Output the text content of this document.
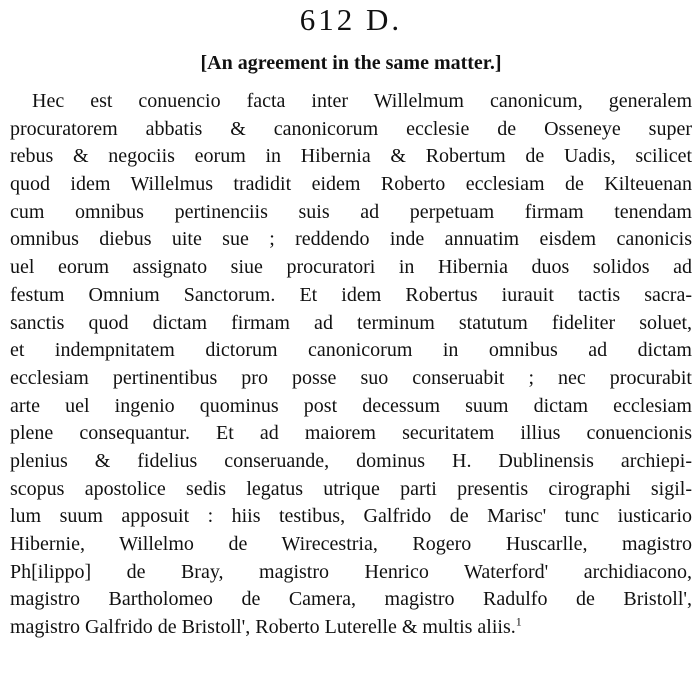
612 D.
[An agreement in the same matter.]
Hec est conuencio facta inter Willelmum canonicum, generalem
procuratorem abbatis & canonicorum ecclesie de Osseneye super
rebus & negociis eorum in Hibernia & Robertum de Uadis, scilicet
quod idem Willelmus tradidit eidem Roberto ecclesiam de Kilteuenan
cum omnibus pertinenciis suis ad perpetuam firmam tenendam
omnibus diebus uite sue ; reddendo inde annuatim eisdem canonicis
uel eorum assignato siue procuratori in Hibernia duos solidos ad
festum Omnium Sanctorum. Et idem Robertus iurauit tactis sacra-
sanctis quod dictam firmam ad terminum statutum fideliter soluet,
et indempnitatem dictorum canonicorum in omnibus ad dictam
ecclesiam pertinentibus pro posse suo conseruabit ; nec procurabit
arte uel ingenio quominus post decessum suum dictam ecclesiam
plene consequantur. Et ad maiorem securitatem illius conuencionis
plenius & fidelius conseruande, dominus H. Dublinensis archiepi-
scopus apostolice sedis legatus utrique parti presentis cirographi sigil-
lum suum apposuit : hiis testibus, Galfrido de Marisc' tunc iusticario
Hibernie, Willelmo de Wirecestria, Rogero Huscarlle, magistro
Ph[ilippo] de Bray, magistro Henrico Waterford' archidiacono,
magistro Bartholomeo de Camera, magistro Radulfo de Bristoll',
magistro Galfrido de Bristoll', Roberto Luterelle & multis aliis.$^1$
